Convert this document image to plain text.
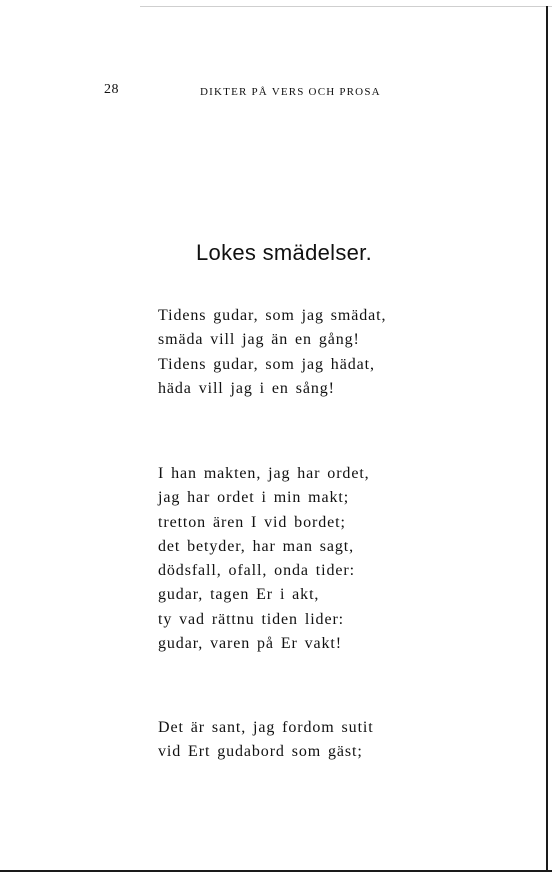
28	DIKTER PÅ VERS OCH PROSA
Lokes smädelser.
Tidens gudar, som jag smädat,
smäda vill jag än en gång!
Tidens gudar, som jag hädat,
häda vill jag i en sång!
I han makten, jag har ordet,
jag har ordet i min makt;
tretton ären I vid bordet;
det betyder, har man sagt,
dödsfall, ofall, onda tider:
gudar, tagen Er i akt,
ty vad rättnu tiden lider:
gudar, varen på Er vakt!
Det är sant, jag fordom sutit
vid Ert gudabord som gäst;
